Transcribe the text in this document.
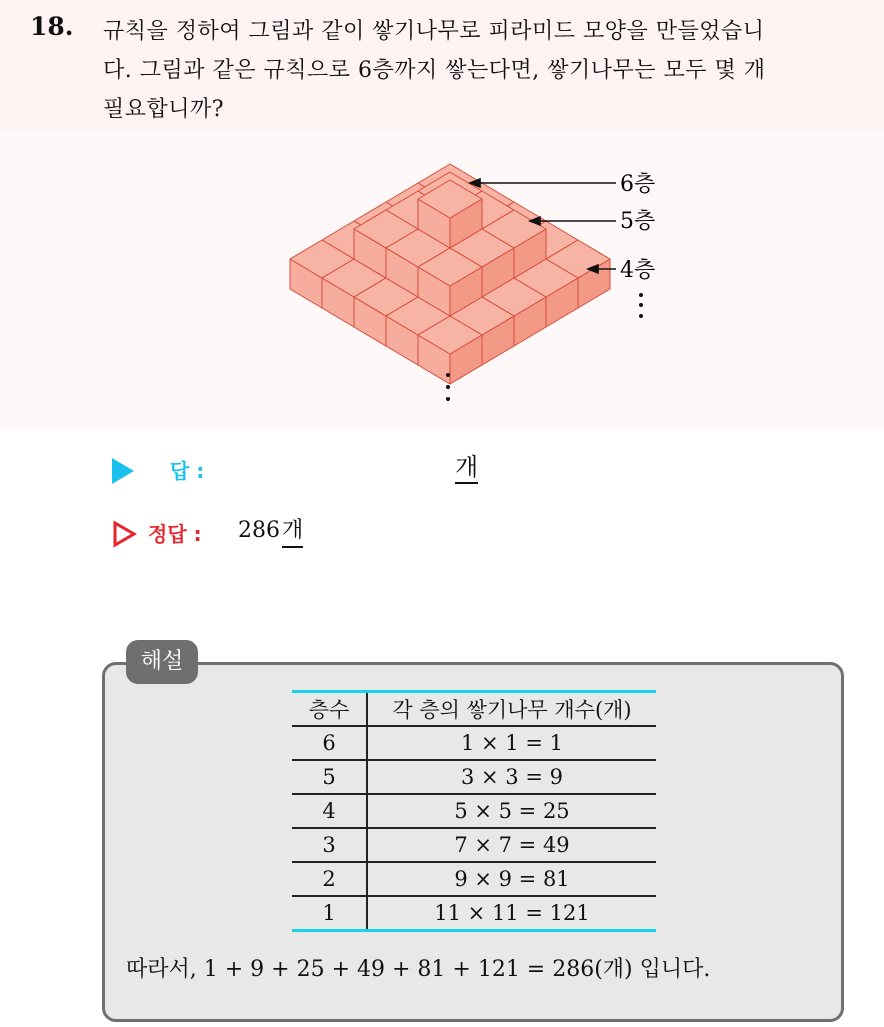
18. 규칙을 정하여 그림과 같이 쌓기나무로 피라미드 모양을 만들었습니
다. 그림과 같은 규칙으로 6층까지 쌓는다면, 쌓기나무는 모두 몇 개
필요합니까?
6층
5층
4층
답 :	개
정답 : 286 개
해설
층수	각 층의 쌓기나무 개수(개)
6	1 × 1 = 1
5	3 × 3 = 9
4	5 × 5 = 25
3	7 × 7 = 49
2	9 × 9 = 81
1	11 × 11 = 121
따라서, 1 + 9 + 25 + 49 + 81 + 121 = 286(개) 입니다.
